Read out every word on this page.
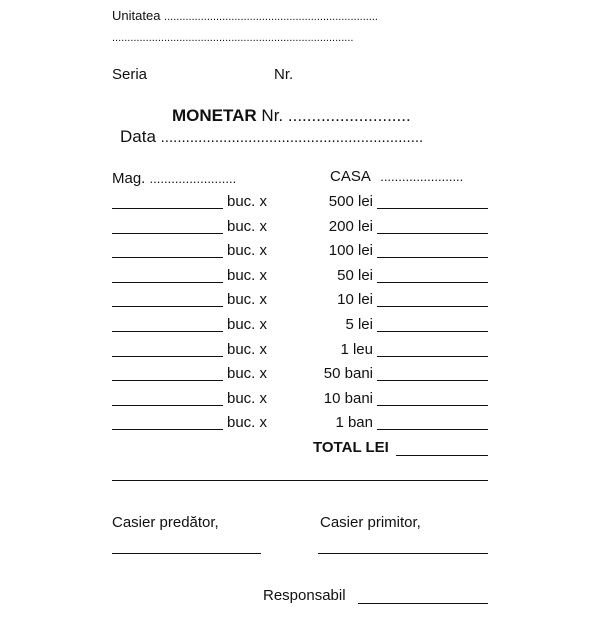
Unitatea ......................................................................
...............................................................................
Seria	Nr.
MONETAR Nr. ..........................
Data ...............................................................
Mag. ........................	CASA .......................
buc. x	500 lei
buc. x	200 lei
buc. x	100 lei
buc. x	50 lei
buc. x	10 lei
buc. x	5 lei
buc. x	1 leu
buc. x	50 bani
buc. x	10 bani
buc. x	1 ban
TOTAL LEI
Casier predător,	Casier primitor,
Responsabil
